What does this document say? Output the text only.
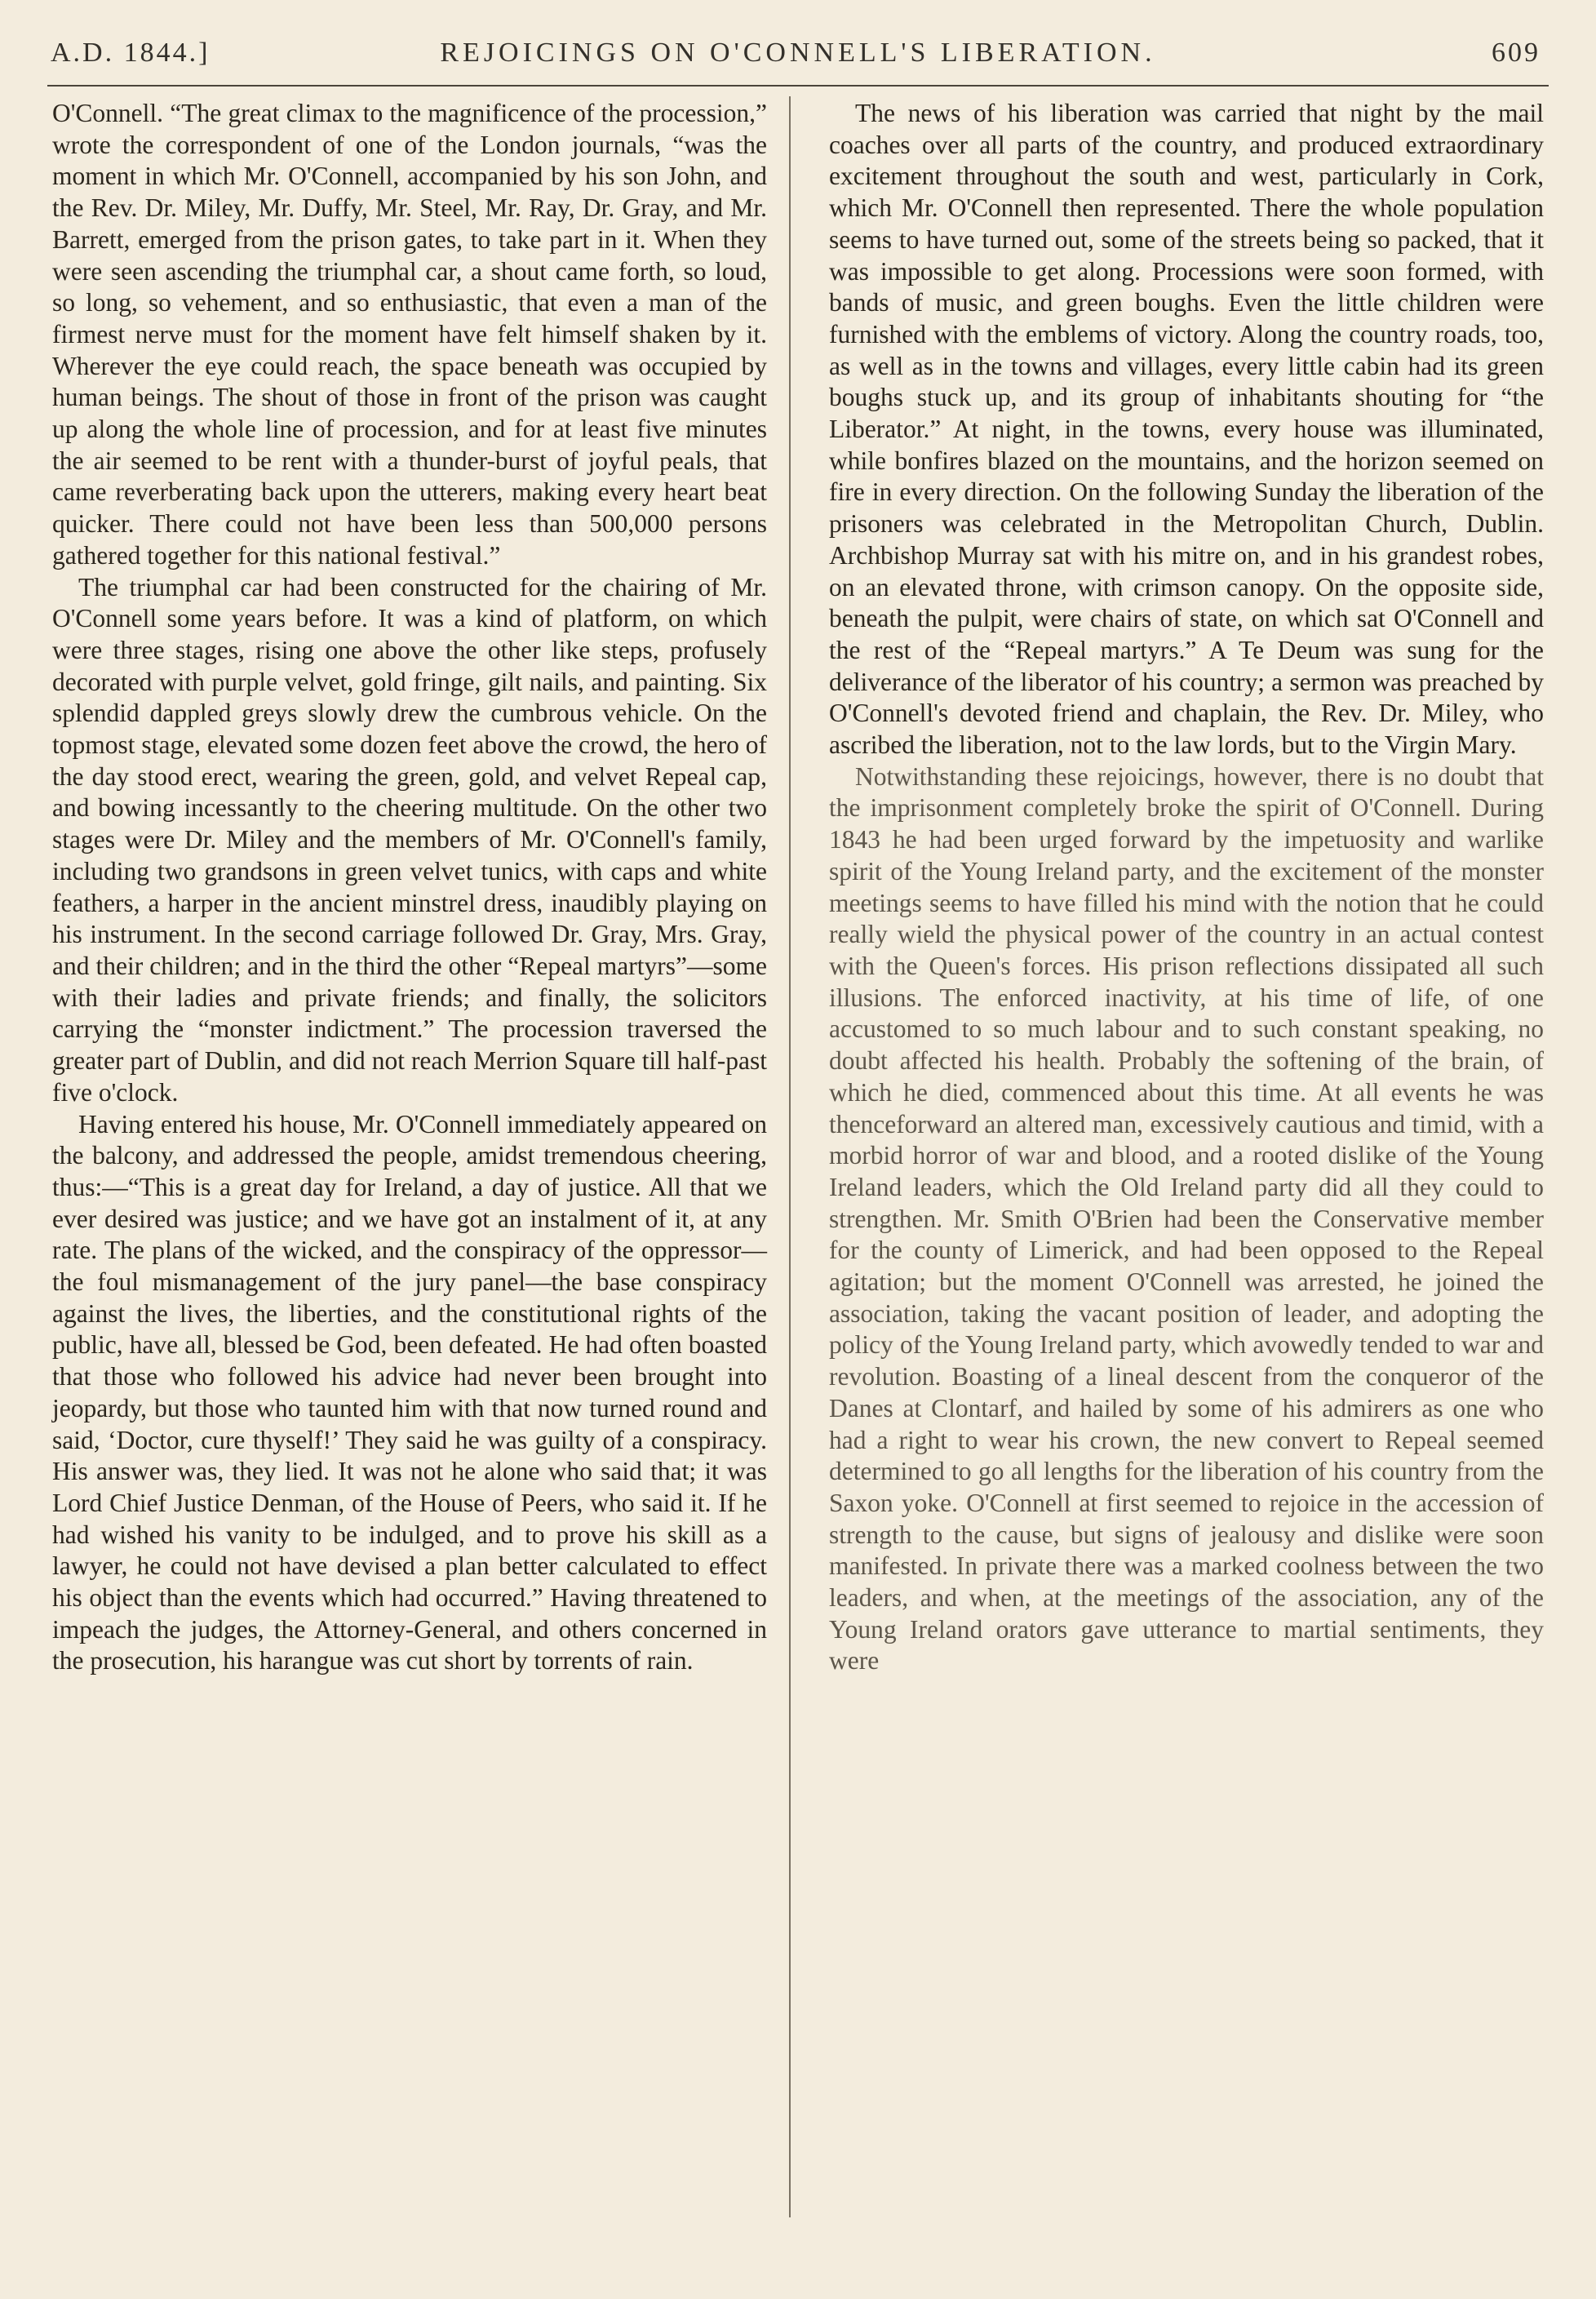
A.D. 1844.]	REJOICINGS ON O'CONNELL'S LIBERATION.	609

O'Connell. “The great climax to the magnificence of the procession,” wrote the correspondent of one of the London journals, “was the moment in which Mr. O'Connell, accompanied by his son John, and the Rev. Dr. Miley, Mr. Duffy, Mr. Steel, Mr. Ray, Dr. Gray, and Mr. Barrett, emerged from the prison gates, to take part in it. When they were seen ascending the triumphal car, a shout came forth, so loud, so long, so vehement, and so enthusiastic, that even a man of the firmest nerve must for the moment have felt himself shaken by it. Wherever the eye could reach, the space beneath was occupied by human beings. The shout of those in front of the prison was caught up along the whole line of procession, and for at least five minutes the air seemed to be rent with a thunder-burst of joyful peals, that came reverberating back upon the utterers, making every heart beat quicker. There could not have been less than 500,000 persons gathered together for this national festival.”

The triumphal car had been constructed for the chairing of Mr. O'Connell some years before. It was a kind of platform, on which were three stages, rising one above the other like steps, profusely decorated with purple velvet, gold fringe, gilt nails, and painting. Six splendid dappled greys slowly drew the cumbrous vehicle. On the topmost stage, elevated some dozen feet above the crowd, the hero of the day stood erect, wearing the green, gold, and velvet Repeal cap, and bowing incessantly to the cheering multitude. On the other two stages were Dr. Miley and the members of Mr. O'Connell's family, including two grandsons in green velvet tunics, with caps and white feathers, a harper in the ancient minstrel dress, inaudibly playing on his instrument. In the second carriage followed Dr. Gray, Mrs. Gray, and their children; and in the third the other “Repeal martyrs”—some with their ladies and private friends; and finally, the solicitors carrying the “monster indictment.” The procession traversed the greater part of Dublin, and did not reach Merrion Square till half-past five o'clock.

Having entered his house, Mr. O'Connell immediately appeared on the balcony, and addressed the people, amidst tremendous cheering, thus:—“This is a great day for Ireland, a day of justice. All that we ever desired was justice; and we have got an instalment of it, at any rate. The plans of the wicked, and the conspiracy of the oppressor—the foul mismanagement of the jury panel—the base conspiracy against the lives, the liberties, and the constitutional rights of the public, have all, blessed be God, been defeated. He had often boasted that those who followed his advice had never been brought into jeopardy, but those who taunted him with that now turned round and said, ‘Doctor, cure thyself!’ They said he was guilty of a conspiracy. His answer was, they lied. It was not he alone who said that; it was Lord Chief Justice Denman, of the House of Peers, who said it. If he had wished his vanity to be indulged, and to prove his skill as a lawyer, he could not have devised a plan better calculated to effect his object than the events which had occurred.” Having threatened to impeach the judges, the Attorney-General, and others concerned in the prosecution, his harangue was cut short by torrents of rain.

The news of his liberation was carried that night by the mail coaches over all parts of the country, and produced extraordinary excitement throughout the south and west, particularly in Cork, which Mr. O'Connell then represented. There the whole population seems to have turned out, some of the streets being so packed, that it was impossible to get along. Processions were soon formed, with bands of music, and green boughs. Even the little children were furnished with the emblems of victory. Along the country roads, too, as well as in the towns and villages, every little cabin had its green boughs stuck up, and its group of inhabitants shouting for “the Liberator.” At night, in the towns, every house was illuminated, while bonfires blazed on the mountains, and the horizon seemed on fire in every direction. On the following Sunday the liberation of the prisoners was celebrated in the Metropolitan Church, Dublin. Archbishop Murray sat with his mitre on, and in his grandest robes, on an elevated throne, with crimson canopy. On the opposite side, beneath the pulpit, were chairs of state, on which sat O'Connell and the rest of the “Repeal martyrs.” A Te Deum was sung for the deliverance of the liberator of his country; a sermon was preached by O'Connell's devoted friend and chaplain, the Rev. Dr. Miley, who ascribed the liberation, not to the law lords, but to the Virgin Mary.

Notwithstanding these rejoicings, however, there is no doubt that the imprisonment completely broke the spirit of O'Connell. During 1843 he had been urged forward by the impetuosity and warlike spirit of the Young Ireland party, and the excitement of the monster meetings seems to have filled his mind with the notion that he could really wield the physical power of the country in an actual contest with the Queen's forces. His prison reflections dissipated all such illusions. The enforced inactivity, at his time of life, of one accustomed to so much labour and to such constant speaking, no doubt affected his health. Probably the softening of the brain, of which he died, commenced about this time. At all events he was thenceforward an altered man, excessively cautious and timid, with a morbid horror of war and blood, and a rooted dislike of the Young Ireland leaders, which the Old Ireland party did all they could to strengthen. Mr. Smith O'Brien had been the Conservative member for the county of Limerick, and had been opposed to the Repeal agitation; but the moment O'Connell was arrested, he joined the association, taking the vacant position of leader, and adopting the policy of the Young Ireland party, which avowedly tended to war and revolution. Boasting of a lineal descent from the conqueror of the Danes at Clontarf, and hailed by some of his admirers as one who had a right to wear his crown, the new convert to Repeal seemed determined to go all lengths for the liberation of his country from the Saxon yoke. O'Connell at first seemed to rejoice in the accession of strength to the cause, but signs of jealousy and dislike were soon manifested. In private there was a marked coolness between the two leaders, and when, at the meetings of the association, any of the Young Ireland orators gave utterance to martial sentiments, they were
